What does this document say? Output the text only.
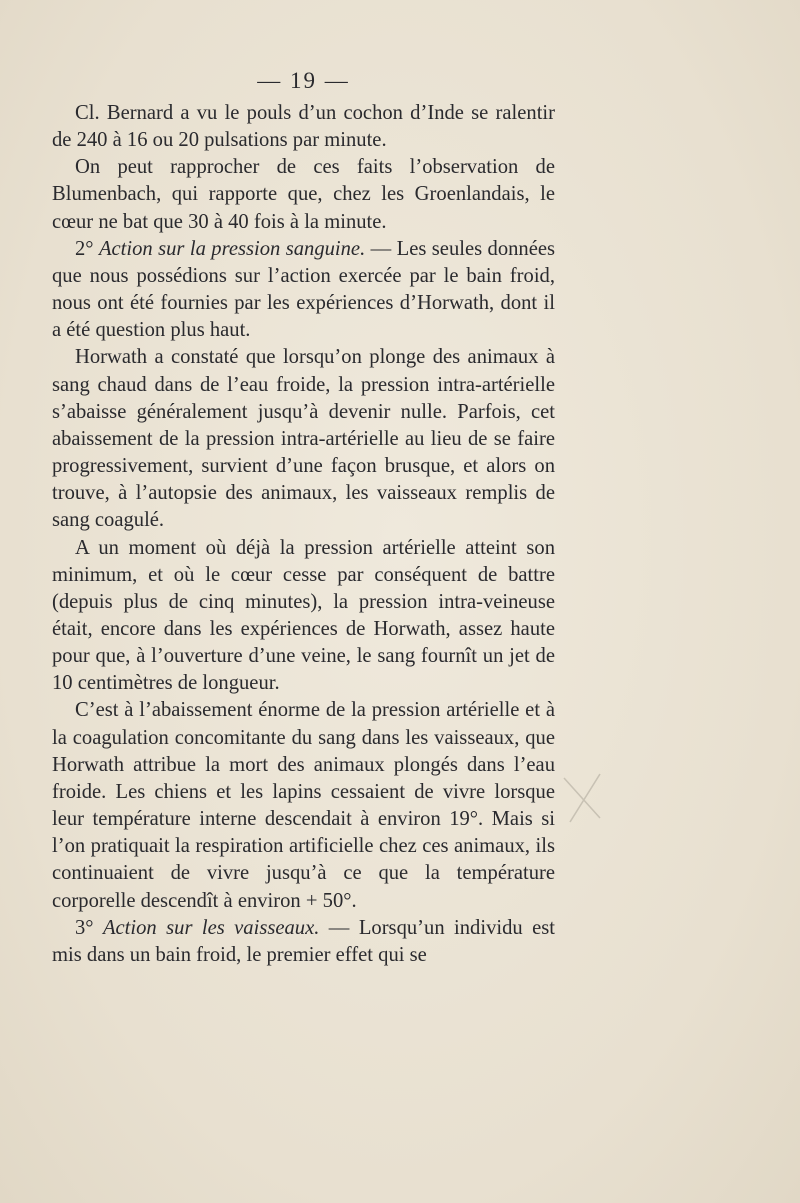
— 19 —

Cl. Bernard a vu le pouls d’un cochon d’Inde se ralentir de 240 à 16 ou 20 pulsations par minute.

On peut rapprocher de ces faits l’observation de Blumenbach, qui rapporte que, chez les Groenlandais, le cœur ne bat que 30 à 40 fois à la minute.

2° Action sur la pression sanguine. — Les seules données que nous possédions sur l’action exercée par le bain froid, nous ont été fournies par les expériences d’Horwath, dont il a été question plus haut.

Horwath a constaté que lorsqu’on plonge des animaux à sang chaud dans de l’eau froide, la pression intra-artérielle s’abaisse généralement jusqu’à devenir nulle. Parfois, cet abaissement de la pression intra-artérielle au lieu de se faire progressivement, survient d’une façon brusque, et alors on trouve, à l’autopsie des animaux, les vaisseaux remplis de sang coagulé.

A un moment où déjà la pression artérielle atteint son minimum, et où le cœur cesse par conséquent de battre (depuis plus de cinq minutes), la pression intra-veineuse était, encore dans les expériences de Horwath, assez haute pour que, à l’ouverture d’une veine, le sang fournît un jet de 10 centimètres de longueur.

C’est à l’abaissement énorme de la pression artérielle et à la coagulation concomitante du sang dans les vaisseaux, que Horwath attribue la mort des animaux plongés dans l’eau froide. Les chiens et les lapins cessaient de vivre lorsque leur température interne descendait à environ 19°. Mais si l’on pratiquait la respiration artificielle chez ces animaux, ils continuaient de vivre jusqu’à ce que la température corporelle descendît à environ + 50°.

3° Action sur les vaisseaux. — Lorsqu’un individu est mis dans un bain froid, le premier effet qui se
